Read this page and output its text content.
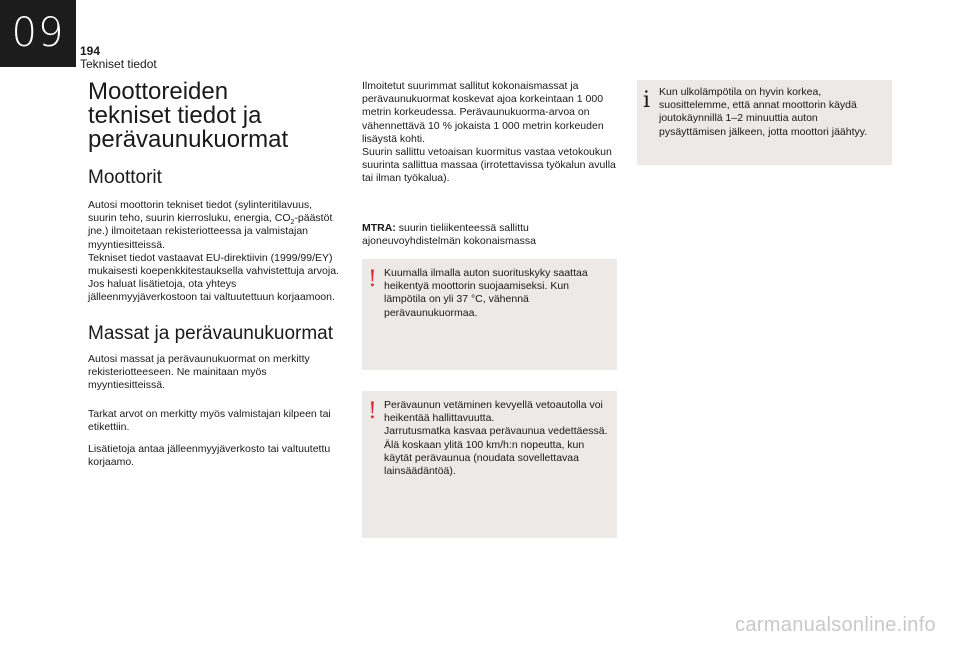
09	194
Tekniset tiedot
Moottoreiden tekniset tiedot ja perävaunukuormat
Moottorit

Autosi moottorin tekniset tiedot (sylinteritilavuus, suurin teho, suurin kierrosluku, energia, $CO_2$-päästöt jne.) ilmoitetaan rekisteriotteessa ja valmistajan myyntiesitteissä.

Tekniset tiedot vastaavat EU-direktiivin (1999/99/EY) mukaisesti koepenkkitestauksella vahvistettuja arvoja.

Jos haluat lisätietoja, ota yhteys jälleenmyyjäverkostoon tai valtuutettuun korjaamoon.

Massat ja perävaunukuormat

Autosi massat ja perävaunukuormat on merkitty rekisteriotteeseen. Ne mainitaan myös myyntiesitteissä.

Tarkat arvot on merkitty myös valmistajan kilpeen tai etikettiin.

Lisätietoja antaa jälleenmyyjäverkosto tai valtuutettu korjaamo.

Ilmoitetut suurimmat sallitut kokonaismassat ja perävaunukuormat koskevat ajoa korkeintaan 1 000 metrin korkeudessa. Perävaunukuorma-arvoa on vähennettävä 10 % jokaista 1 000 metrin korkeuden lisäystä kohti.

Suurin sallittu vetoaisan kuormitus vastaa vetokoukun suurinta sallittua massaa (irrotettavissa työkalun avulla tai ilman työkalua).

MTRA: suurin tieliikenteessä sallittu ajoneuvoyhdistelmän kokonaismassa

! Kuumalla ilmalla auton suorituskyky saattaa heikentyä moottorin suojaamiseksi. Kun lämpötila on yli 37 °C, vähennä perävaunukuormaa.

! Perävaunun vetäminen kevyellä vetoautolla voi heikentää hallittavuutta.

Jarrutusmatka kasvaa perävaunua vedettäessä.

Älä koskaan ylitä 100 km/h:n nopeutta, kun käytät perävaunua (noudata sovellettavaa lainsäädäntöä).

i Kun ulkolämpötila on hyvin korkea, suosittelemme, että annat moottorin käydä joutokäynnillä 1–2 minuuttia auton pysäyttämisen jälkeen, jotta moottori jäähtyy.

carmanualsonline.info
